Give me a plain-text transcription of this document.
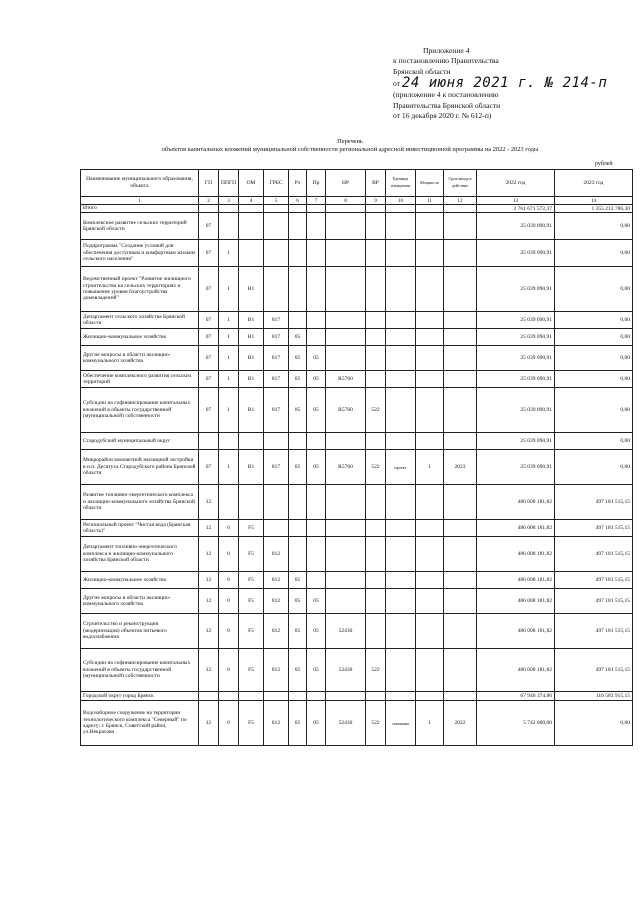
Приложение 4
к постановлению Правительства
Брянской области
от 24 июня 2021 г. № 214-п
(приложение 4 к постановлению
Правительства Брянской области
от 16 декабря 2020 г. № 612-п)
Перечень
объектов капитальных вложений муниципальной собственности региональной адресной инвестиционной программы на 2022 - 2023 годы
рублей
Наименование муниципального образования, объекта	ГП	ППГП	ОМ	ГРБС	Рз	Пр	НР	ВР	Единица измерения	Мощность	Срок ввода в действие	2022 год	2023 год
1	2	3	4	5	6	7	8	9	10	11	12	13	14
Итого												2 761 671 572,37	1 355 212 786,30
Комплексное развитие сельских территорий Брянской области	07											25 039 090,91	0,00
Подпрограмма "Создание условий для обеспечения доступным и комфортным жильем сельского населения"	07	1										25 039 090,91	0,00
Ведомственный проект "Развитие жилищного строительства на сельских территориях и повышение уровня благоустройства домовладений"	07	1	В1									25 039 090,91	0,00
Департамент сельского хозяйства Брянской области	07	1	В1	817								25 039 090,91	0,00
Жилищно-коммунальное хозяйство	07	1	В1	817	05							25 039 090,91	0,00
Другие вопросы в области жилищно-коммунального хозяйства	07	1	В1	817	05	05						25 039 090,91	0,00
Обеспечение комплексного развития сельских территорий	07	1	В1	817	05	05	R5760					25 039 090,91	0,00
Субсидии на софинансирование капитальных вложений в объекты государственной (муниципальной) собственности	07	1	В1	817	05	05	R5760	522				25 039 090,91	0,00
Стародубский муниципальный округ												25 039 090,91	0,00
Микрорайон компактной жилищной застройки в н.п. Десятуха Стародубского района Брянской области	07	1	В1	817	05	05	R5760	522	проект	1	2023	25 039 090,91	0,00
Развитие топливно-энергетического комплекса и жилищно-коммунального хозяйства Брянской области	12											486 008 181,82	497 181 515,15
Региональный проект "Чистая вода (Брянская область)"	12	0	F5									486 008 181,82	497 181 515,15
Департамент топливно-энергетического комплекса и жилищно-коммунального хозяйства Брянской области	12	0	F5	812								486 008 181,82	497 181 515,15
Жилищно-коммунальное хозяйство	12	0	F5	812	05							486 008 181,82	497 181 515,15
Другие вопросы в области жилищно-коммунального хозяйства	12	0	F5	812	05	05						486 008 181,82	497 181 515,15
Строительство и реконструкция (модернизация) объектов питьевого водоснабжения	12	0	F5	812	05	05	52430					486 008 181,82	497 181 515,15
Субсидии на софинансирование капитальных вложений в объекты государственной (муниципальной) собственности	12	0	F5	812	05	05	52430	522				486 008 181,82	497 181 515,15
Городской округ город Брянск												67 940 374,86	116 583 915,15
Водозаборное сооружение на территории технологического комплекса "Северный" по адресу: г. Брянск, Советский район, ул.Некрасова	12	0	F5	812	05	05	52430	522	скважина	1	2022	5 742 000,00	0,00
